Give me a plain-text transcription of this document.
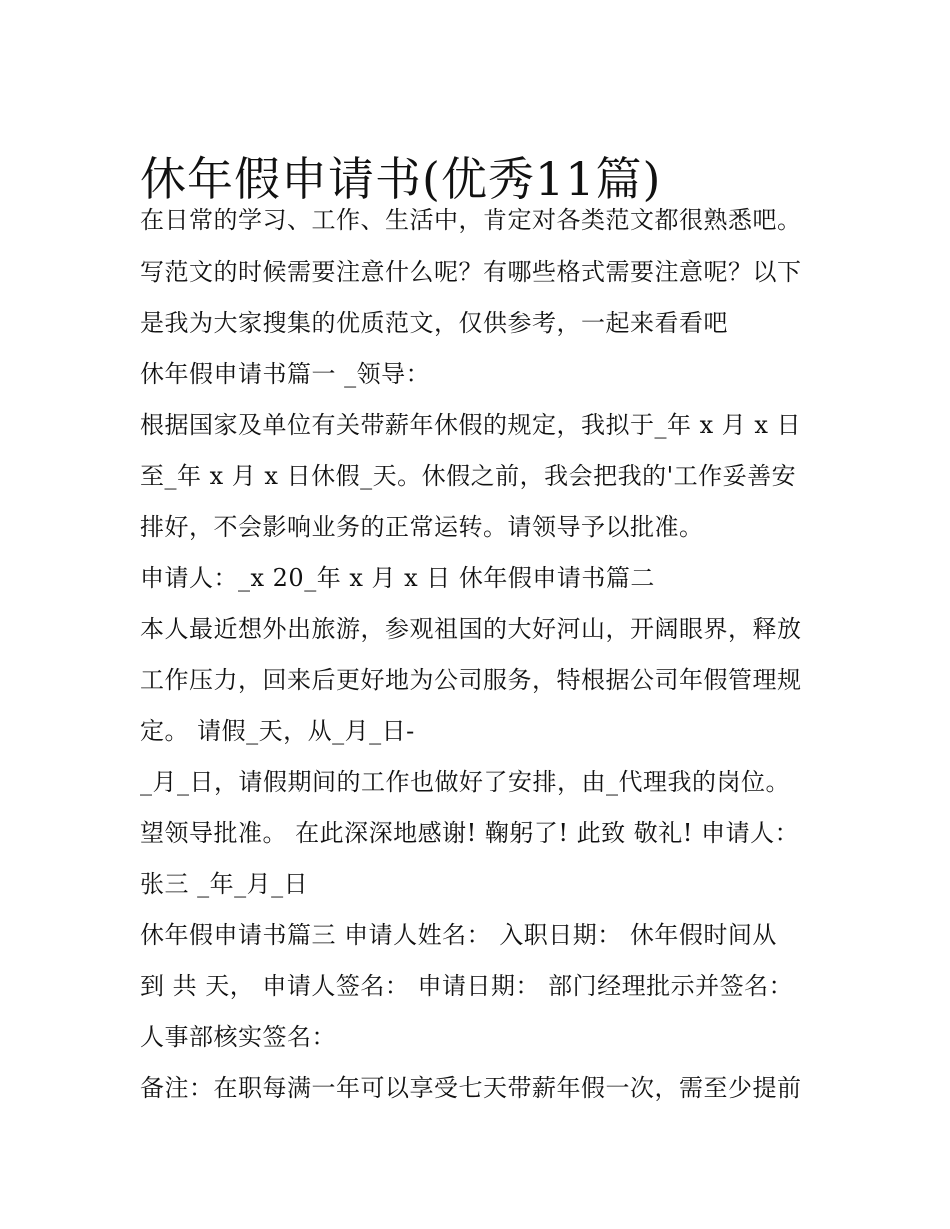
休年假申请书(优秀11篇)
在日常的学习、工作、生活中，肯定对各类范文都很熟悉吧。
写范文的时候需要注意什么呢？有哪些格式需要注意呢？以下
是我为大家搜集的优质范文，仅供参考，一起来看看吧
休年假申请书篇一 _领导：
根据国家及单位有关带薪年休假的规定，我拟于_年 x 月 x 日
至_年 x 月 x 日休假_天。休假之前，我会把我的'工作妥善安
排好，不会影响业务的正常运转。请领导予以批准。
申请人：_x 20_年 x 月 x 日 休年假申请书篇二
本人最近想外出旅游，参观祖国的大好河山，开阔眼界，释放
工作压力，回来后更好地为公司服务，特根据公司年假管理规
定。 请假_天，从_月_日-
_月_日，请假期间的工作也做好了安排，由_代理我的岗位。
望领导批准。 在此深深地感谢! 鞠躬了! 此致 敬礼! 申请人：
张三 _年_月_日
休年假申请书篇三 申请人姓名： 入职日期： 休年假时间从
到 共 天， 申请人签名： 申请日期： 部门经理批示并签名：
人事部核实签名：
备注：在职每满一年可以享受七天带薪年假一次，需至少提前
